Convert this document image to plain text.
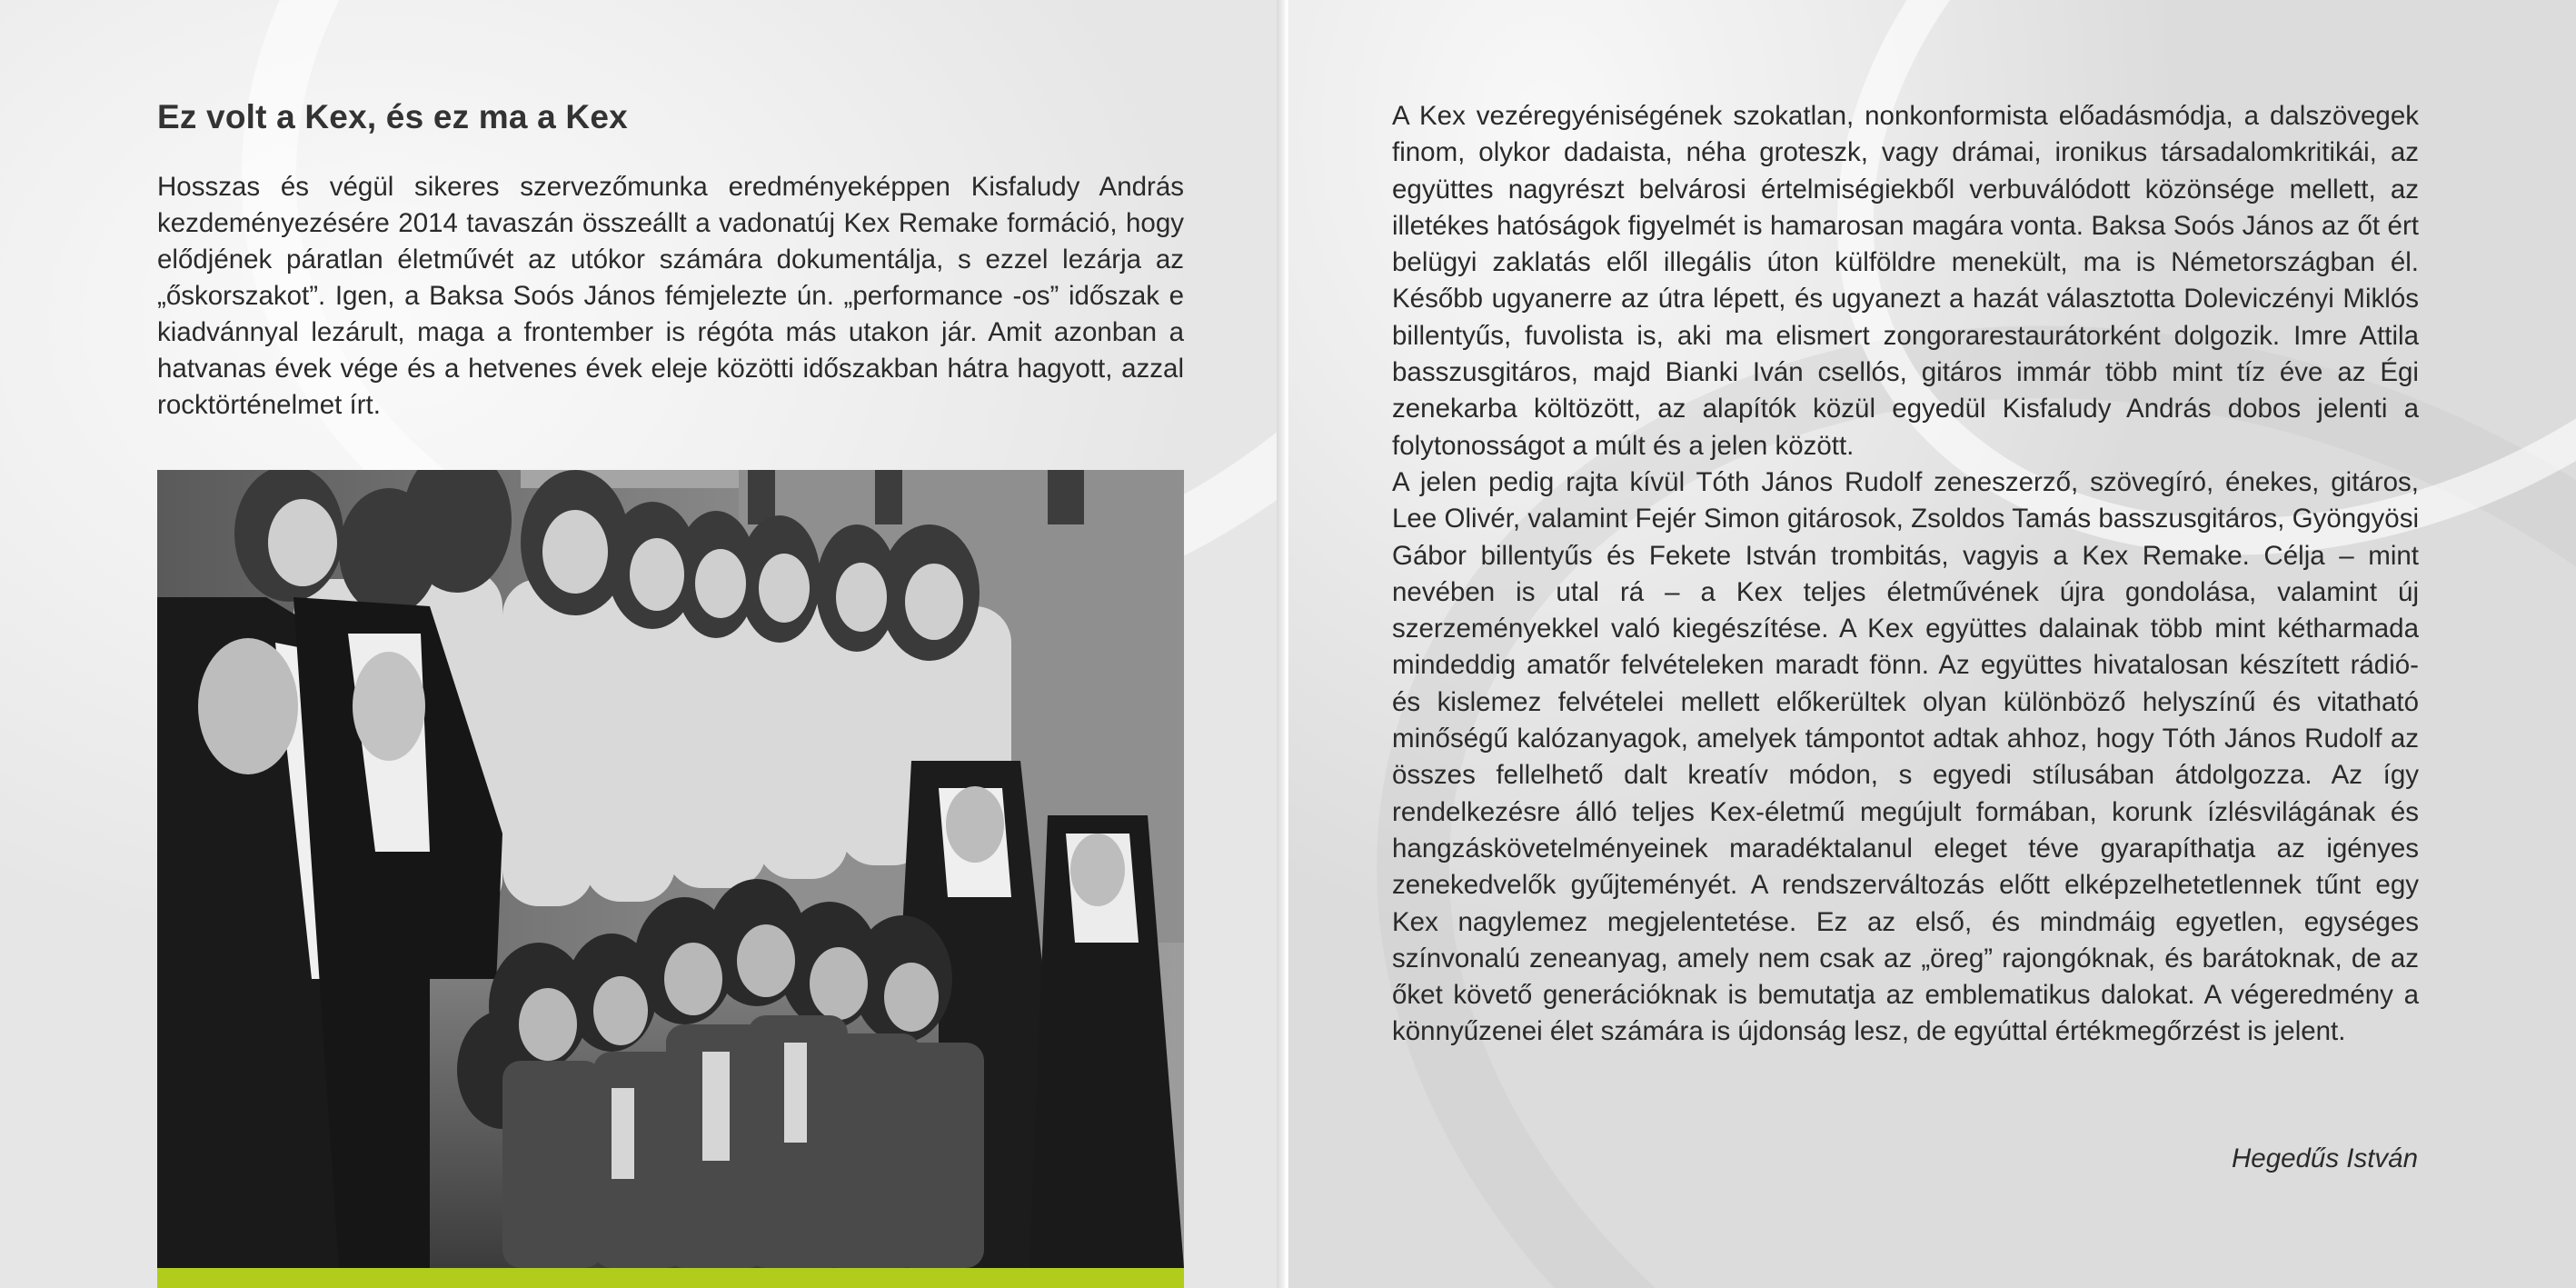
Ez volt a Kex, és ez ma a Kex

Hosszas és végül sikeres szervezőmunka eredményeképpen Kisfaludy András kezdeményezésére 2014 tavaszán összeállt a vadonatúj Kex Remake formáció, hogy elődjének páratlan életművét az utókor számára dokumentálja, s ezzel lezárja az „őskorszakot”. Igen, a Baksa Soós János fémjelezte ún. „performance -os” időszak e kiadvánnyal lezárult, maga a frontember is régóta más utakon jár. Amit azonban a hatvanas évek vége és a hetvenes évek eleje közötti időszakban hátra hagyott, azzal rocktörténelmet írt.

A Kex vezéregyéniségének szokatlan, nonkonformista előadásmódja, a dalszövegek finom, olykor dadaista, néha groteszk, vagy drámai, ironikus társadalomkritikái, az együttes nagyrészt belvárosi értelmiségiekből verbuválódott közönsége mellett, az illetékes hatóságok figyelmét is hamarosan magára vonta. Baksa Soós János az őt ért belügyi zaklatás elől illegális úton külföldre menekült, ma is Németországban él. Később ugyanerre az útra lépett, és ugyanezt a hazát választotta Doleviczényi Miklós billentyűs, fuvolista is, aki ma elismert zongorarestaurátorként dolgozik. Imre Attila basszusgitáros, majd Bianki Iván csellós, gitáros immár több mint tíz éve az Égi zenekarba költözött, az alapítók közül egyedül Kisfaludy András dobos jelenti a folytonosságot a múlt és a jelen között.

A jelen pedig rajta kívül Tóth János Rudolf zeneszerző, szövegíró, énekes, gitáros, Lee Olivér, valamint Fejér Simon gitárosok, Zsoldos Tamás basszusgitáros, Gyöngyösi Gábor billentyűs és Fekete István trombitás, vagyis a Kex Remake. Célja – mint nevében is utal rá – a Kex teljes életművének újra gondolása, valamint új szerzeményekkel való kiegészítése. A Kex együttes dalainak több mint kétharmada mindeddig amatőr felvételeken maradt fönn. Az együttes hivatalosan készített rádió- és kislemez felvételei mellett előkerültek olyan különböző helyszínű és vitatható minőségű kalózanyagok, amelyek támpontot adtak ahhoz, hogy Tóth János Rudolf az összes fellelhető dalt kreatív módon, s egyedi stílusában átdolgozza. Az így rendelkezésre álló teljes Kex-életmű megújult formában, korunk ízlésvilágának és hangzáskövetelményeinek maradéktalanul eleget téve gyarapíthatja az igényes zenekedvelők gyűjteményét. A rendszerváltozás előtt elképzelhetetlennek tűnt egy Kex nagylemez megjelentetése. Ez az első, és mindmáig egyetlen, egységes színvonalú zeneanyag, amely nem csak az „öreg” rajongóknak, és barátoknak, de az őket követő generációknak is bemutatja az emblematikus dalokat. A végeredmény a könnyűzenei élet számára is újdonság lesz, de egyúttal értékmegőrzést is jelent.

Hegedűs István
